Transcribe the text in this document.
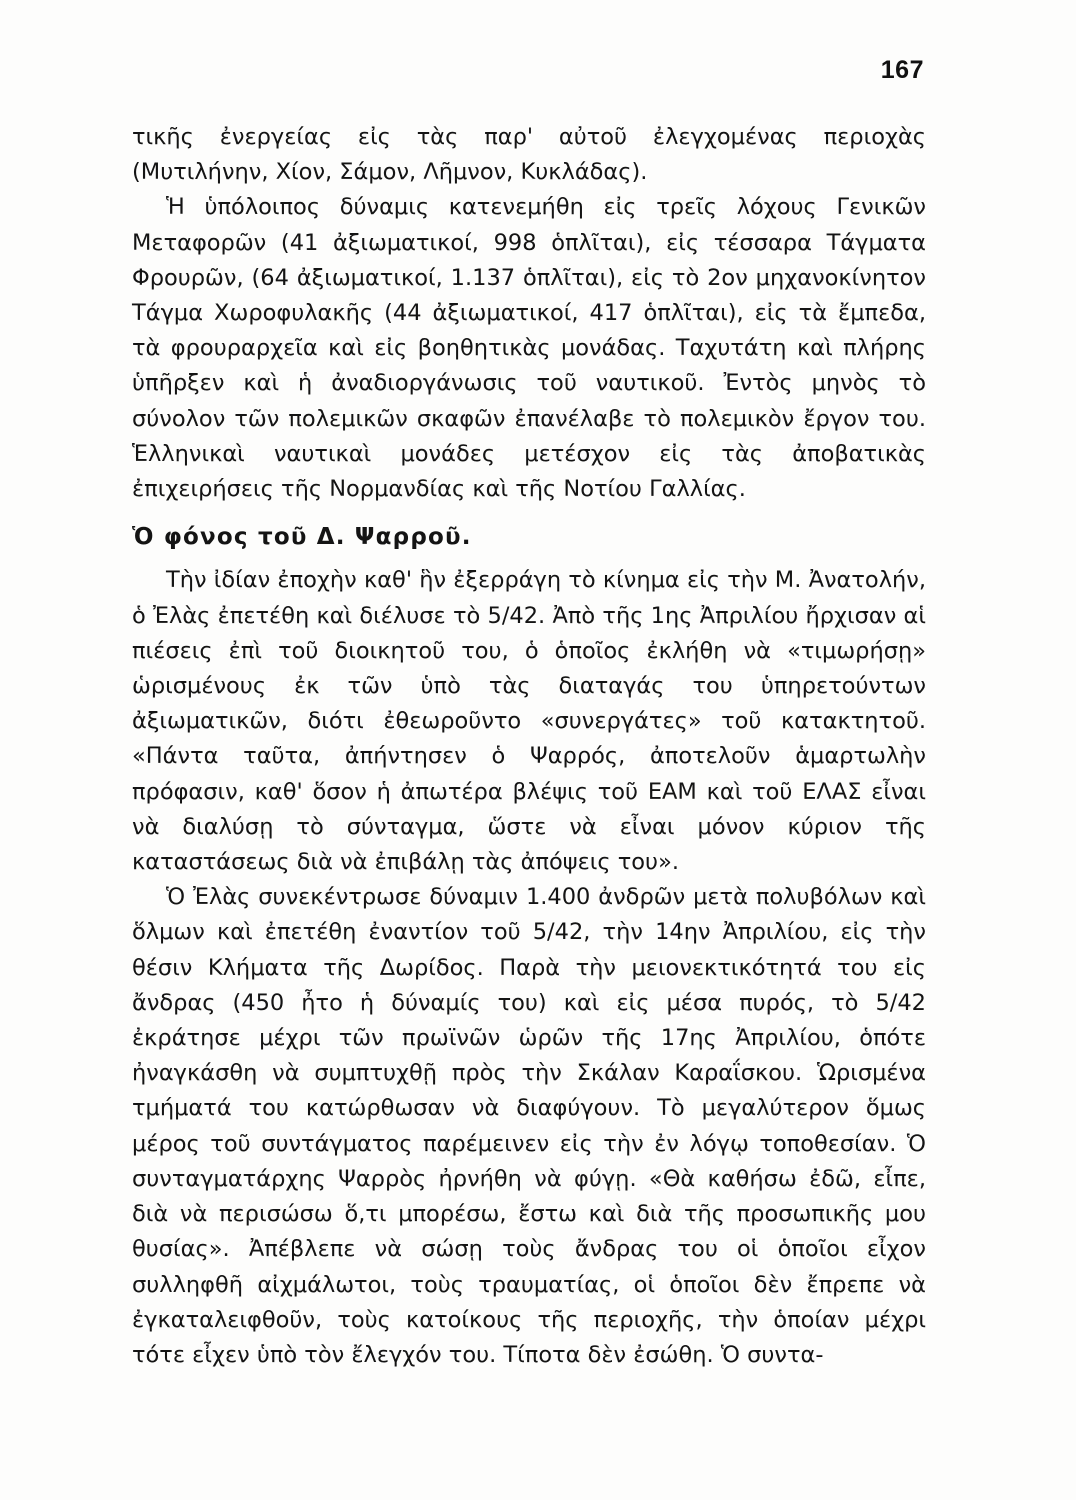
167

τικῆς ἐνεργείας εἰς τὰς παρ' αὐτοῦ ἐλεγχομένας περιοχὰς (Μυτιλήνην, Χίον, Σάμον, Λῆμνον, Κυκλάδας).

Ἡ ὑπόλοιπος δύναμις κατενεμήθη εἰς τρεῖς λόχους Γενικῶν Μεταφορῶν (41 ἀξιωματικοί, 998 ὁπλῖται), εἰς τέσσαρα Τάγματα Φρουρῶν, (64 ἀξιωματικοί, 1.137 ὁπλῖται), εἰς τὸ 2ον μηχανοκίνητον Τάγμα Χωροφυλακῆς (44 ἀξιωματικοί, 417 ὁπλῖται), εἰς τὰ ἔμπεδα, τὰ φρουραρχεῖα καὶ εἰς βοηθητικὰς μονάδας. Ταχυτάτη καὶ πλήρης ὑπῆρξεν καὶ ἡ ἀναδιοργάνωσις τοῦ ναυτικοῦ. Ἐντὸς μηνὸς τὸ σύνολον τῶν πολεμικῶν σκαφῶν ἐπανέλαβε τὸ πολεμικὸν ἔργον του. Ἑλληνικαὶ ναυτικαὶ μονάδες μετέσχον εἰς τὰς ἀποβατικὰς ἐπιχειρήσεις τῆς Νορμανδίας καὶ τῆς Νοτίου Γαλλίας.

Ὁ φόνος τοῦ Δ. Ψαρροῦ.

Τὴν ἰδίαν ἐποχὴν καθ' ἣν ἐξερράγη τὸ κίνημα εἰς τὴν Μ. Ἀνατολήν, ὁ Ἐλὰς ἐπετέθη καὶ διέλυσε τὸ 5/42. Ἀπὸ τῆς 1ης Ἀπριλίου ἤρχισαν αἱ πιέσεις ἐπὶ τοῦ διοικητοῦ του, ὁ ὁποῖος ἐκλήθη νὰ «τιμωρήσῃ» ὡρισμένους ἐκ τῶν ὑπὸ τὰς διαταγάς του ὑπηρετούντων ἀξιωματικῶν, διότι ἐθεωροῦντο «συνεργάτες» τοῦ κατακτητοῦ. «Πάντα ταῦτα, ἀπήντησεν ὁ Ψαρρός, ἀποτελοῦν ἁμαρτωλὴν πρόφασιν, καθ' ὅσον ἡ ἀπωτέρα βλέψις τοῦ ΕΑΜ καὶ τοῦ ΕΛΑΣ εἶναι νὰ διαλύσῃ τὸ σύνταγμα, ὥστε νὰ εἶναι μόνον κύριον τῆς καταστάσεως διὰ νὰ ἐπιβάλῃ τὰς ἀπόψεις του».

Ὁ Ἐλὰς συνεκέντρωσε δύναμιν 1.400 ἀνδρῶν μετὰ πολυβόλων καὶ ὅλμων καὶ ἐπετέθη ἐναντίον τοῦ 5/42, τὴν 14ην Ἀπριλίου, εἰς τὴν θέσιν Κλήματα τῆς Δωρίδος. Παρὰ τὴν μειονεκτικότητά του εἰς ἄνδρας (450 ἦτο ἡ δύναμίς του) καὶ εἰς μέσα πυρός, τὸ 5/42 ἐκράτησε μέχρι τῶν πρωϊνῶν ὡρῶν τῆς 17ης Ἀπριλίου, ὁπότε ἠναγκάσθη νὰ συμπτυχθῇ πρὸς τὴν Σκάλαν Καραΐσκου. Ὡρισμένα τμήματά του κατώρθωσαν νὰ διαφύγουν. Τὸ μεγαλύτερον ὅμως μέρος τοῦ συντάγματος παρέμεινεν εἰς τὴν ἐν λόγῳ τοποθεσίαν. Ὁ συνταγματάρχης Ψαρρὸς ἠρνήθη νὰ φύγῃ. «Θὰ καθήσω ἐδῶ, εἶπε, διὰ νὰ περισώσω ὅ,τι μπορέσω, ἔστω καὶ διὰ τῆς προσωπικῆς μου θυσίας». Ἀπέβλεπε νὰ σώσῃ τοὺς ἄνδρας του οἱ ὁποῖοι εἶχον συλληφθῆ αἰχμάλωτοι, τοὺς τραυματίας, οἱ ὁποῖοι δὲν ἔπρεπε νὰ ἐγκαταλειφθοῦν, τοὺς κατοίκους τῆς περιοχῆς, τὴν ὁποίαν μέχρι τότε εἶχεν ὑπὸ τὸν ἔλεγχόν του. Τίποτα δὲν ἐσώθη. Ὁ συντα-
